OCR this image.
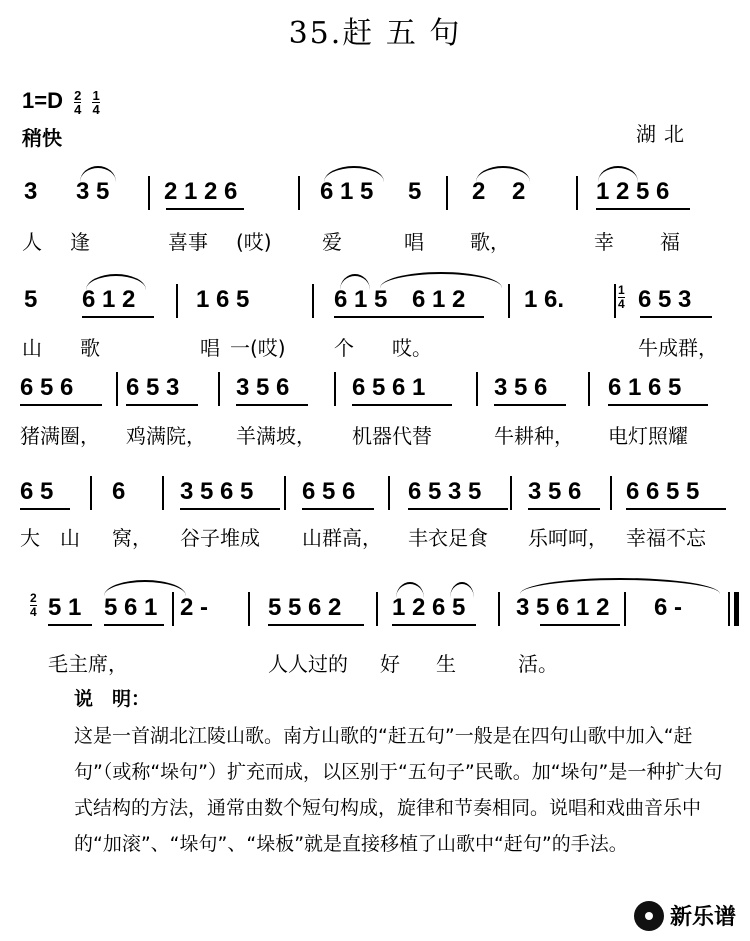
35.赶 五 句
$1=D \frac{2}{4} \frac{1}{4}$
稍快	湖北
3 3 5 2 1 2 6	6 1 5 5 2 2	1 2 5 6
人 逢	喜事 (哎)	爱	唱 歌，	幸 福
5 6 1 2	1 6 5	6 1 5 6 1 2 1 6.	1
4 6 5 3
山 歌	唱 一(哎) 个 哎。	牛成群，
6 5 6 6 5 3 3 5 6	6 5 6 1	3 5 6	6 1 6 5
猪满圈， 鸡满院， 羊满坡， 机器代替	牛耕种， 电灯照耀
6 5 6 3 5 6 5 6 5 6 6 5 3 5 3 5 6 6 6 5 5
大 山 窝， 谷子堆成 山群高， 丰衣足食 乐呵呵， 幸福不忘
2
4 5 1 5 6 1 2 - 5 5 6 2 1 2 6 5 3 5 6 1 2 6 -
毛主席，	人人过的 好 生	活。
说　明：
这是一首湖北江陵山歌。南方山歌的“赶五句”一般是在四句山歌中加入“赶句”（或称“垛句”）扩充而成，以区别于“五句子”民歌。加“垛句”是一种扩大句式结构的方法，通常由数个短句构成，旋律和节奏相同。说唱和戏曲音乐中的“加滚”、“垛句”、“垛板”就是直接移植了山歌中“赶句”的手法。
新乐谱
